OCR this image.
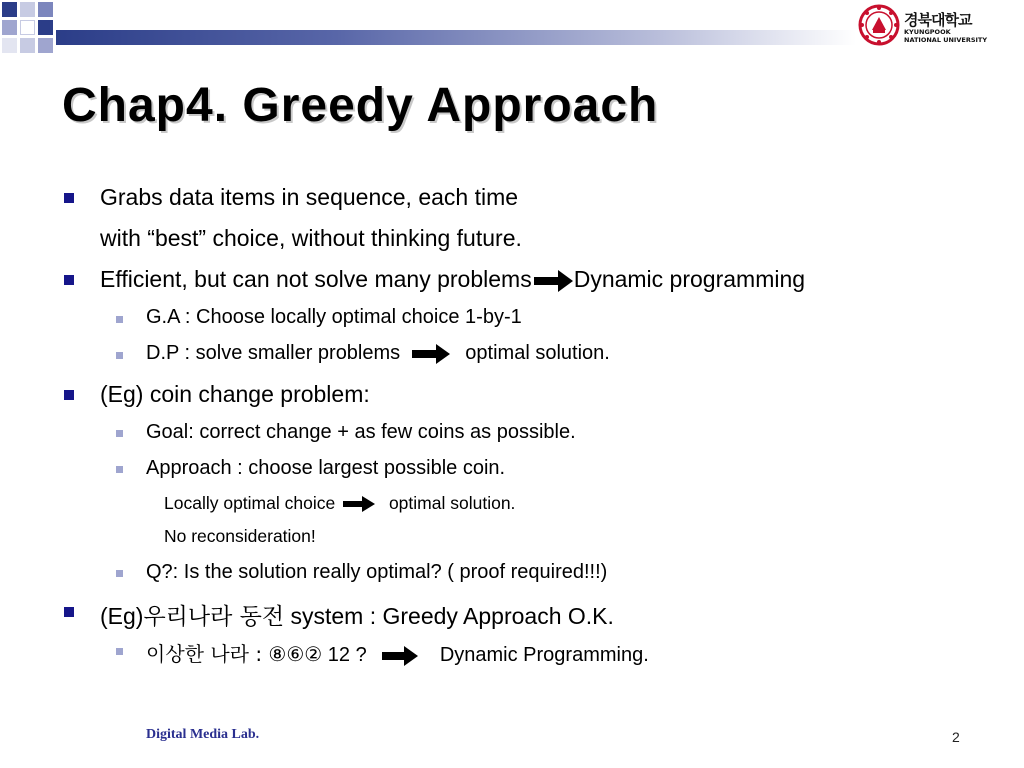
경북대학교
KYUNGPOOK
NATIONAL UNIVERSITY
Chap4. Greedy Approach
Grabs data items in sequence, each time
with “best” choice, without thinking future.
Efficient, but can not solve many problems Dynamic programming
G.A : Choose locally optimal choice 1-by-1
D.P : solve smaller problems	optimal solution.
(Eg) coin change problem:
Goal: correct change + as few coins as possible.
Approach : choose largest possible coin.
Locally optimal choice	optimal solution.
No reconsideration!
Q?: Is the solution really optimal? ( proof required!!!)
(Eg)우리나라 동전 system : Greedy Approach O.K.
이상한 나라 : ⑧⑥② 12 ?	Dynamic Programming.
Digital Media Lab.	2
